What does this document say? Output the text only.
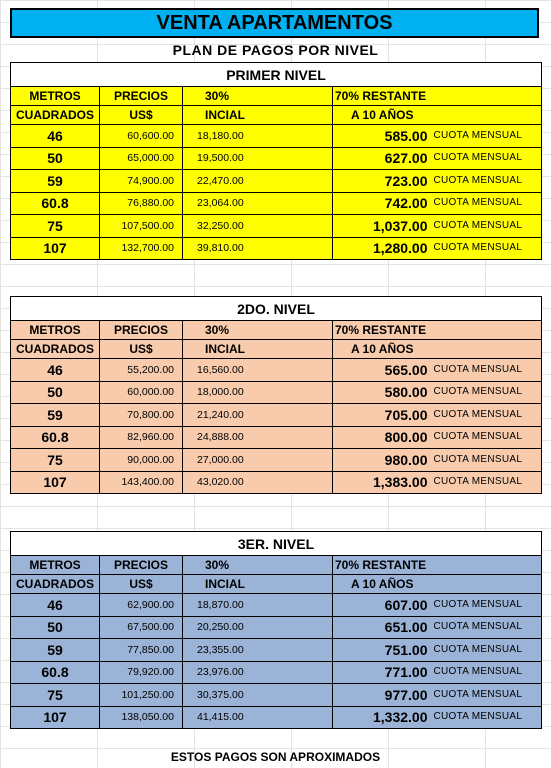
VENTA APARTAMENTOS
PLAN DE PAGOS POR NIVEL
PRIMER NIVEL				
METROS	PRECIOS	30%	70% RESTANTE	
CUADRADOS	US$	INCIAL	A 10 AÑOS	
46	60,600.00	18,180.00	585.00	CUOTA MENSUAL
50	65,000.00	19,500.00	627.00	CUOTA MENSUAL
59	74,900.00	22,470.00	723.00	CUOTA MENSUAL
60.8	76,880.00	23,064.00	742.00	CUOTA MENSUAL
75	107,500.00	32,250.00	1,037.00	CUOTA MENSUAL
107	132,700.00	39,810.00	1,280.00	CUOTA MENSUAL
2DO. NIVEL				
METROS	PRECIOS	30%	70% RESTANTE	
CUADRADOS	US$	INCIAL	A 10 AÑOS	
46	55,200.00	16,560.00	565.00	CUOTA MENSUAL
50	60,000.00	18,000.00	580.00	CUOTA MENSUAL
59	70,800.00	21,240.00	705.00	CUOTA MENSUAL
60.8	82,960.00	24,888.00	800.00	CUOTA MENSUAL
75	90,000.00	27,000.00	980.00	CUOTA MENSUAL
107	143,400.00	43,020.00	1,383.00	CUOTA MENSUAL
3ER. NIVEL				
METROS	PRECIOS	30%	70% RESTANTE	
CUADRADOS	US$	INCIAL	A 10 AÑOS	
46	62,900.00	18,870.00	607.00	CUOTA MENSUAL
50	67,500.00	20,250.00	651.00	CUOTA MENSUAL
59	77,850.00	23,355.00	751.00	CUOTA MENSUAL
60.8	79,920.00	23,976.00	771.00	CUOTA MENSUAL
75	101,250.00	30,375.00	977.00	CUOTA MENSUAL
107	138,050.00	41,415.00	1,332.00	CUOTA MENSUAL
ESTOS PAGOS SON APROXIMADOS
